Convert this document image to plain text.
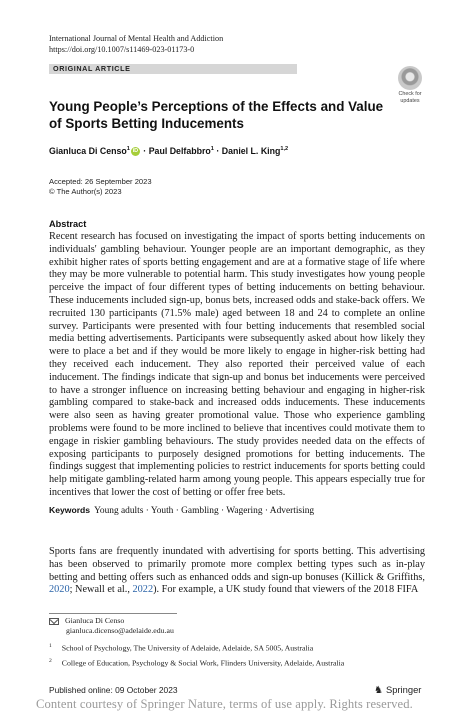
International Journal of Mental Health and Addiction
https://doi.org/10.1007/s11469-023-01173-0
ORIGINAL ARTICLE
Check for
updates
Young People’s Perceptions of the Effects and Value of Sports Betting Inducements
Gianluca Di Censo$^1$ iD · Paul Delfabbro$^1$ · Daniel L. King$^{1,2}$
Accepted: 26 September 2023
© The Author(s) 2023
Abstract
Recent research has focused on investigating the impact of sports betting inducements on individuals' gambling behaviour. Younger people are an important demographic, as they exhibit higher rates of sports betting engagement and are at a formative stage of life where they may be more vulnerable to potential harm. This study investigates how young people perceive the impact of four different types of betting inducements on betting behaviour. These inducements included sign-up, bonus bets, increased odds and stake-back offers. We recruited 130 participants (71.5% male) aged between 18 and 24 to complete an online survey. Participants were presented with four betting inducements that resembled social media betting advertisements. Participants were subsequently asked about how likely they were to place a bet and if they would be more likely to engage in higher-risk betting had they received each inducement. They also reported their perceived value of each inducement. The findings indicate that sign-up and bonus bet inducements were perceived to have a stronger influence on increasing betting behaviour and engaging in higher-risk gambling compared to stake-back and increased odds inducements. These inducements were also seen as having greater promotional value. Those who experience gambling problems were found to be more inclined to believe that incentives could motivate them to engage in riskier gambling behaviours. The study provides needed data on the effects of exposing participants to purposely designed promotions for betting inducements. The findings suggest that implementing policies to restrict inducements for sports betting could help mitigate gambling-related harm among young people. This appears especially true for incentives that lower the cost of betting or offer free bets.
Keywords Young adults · Youth · Gambling · Wagering · Advertising
Sports fans are frequently inundated with advertising for sports betting. This advertising has been observed to primarily promote more complex betting types such as in-play betting and betting offers such as enhanced odds and sign-up bonuses (Killick & Griffiths, 2020; Newall et al., 2022). For example, a UK study found that viewers of the 2018 FIFA
Gianluca Di Censo
gianluca.dicenso@adelaide.edu.au
$^1$ School of Psychology, The University of Adelaide, Adelaide, SA 5005, Australia
$^2$ College of Education, Psychology & Social Work, Flinders University, Adelaide, Australia
Published online: 09 October 2023	♞ Springer
Content courtesy of Springer Nature, terms of use apply. Rights reserved.
